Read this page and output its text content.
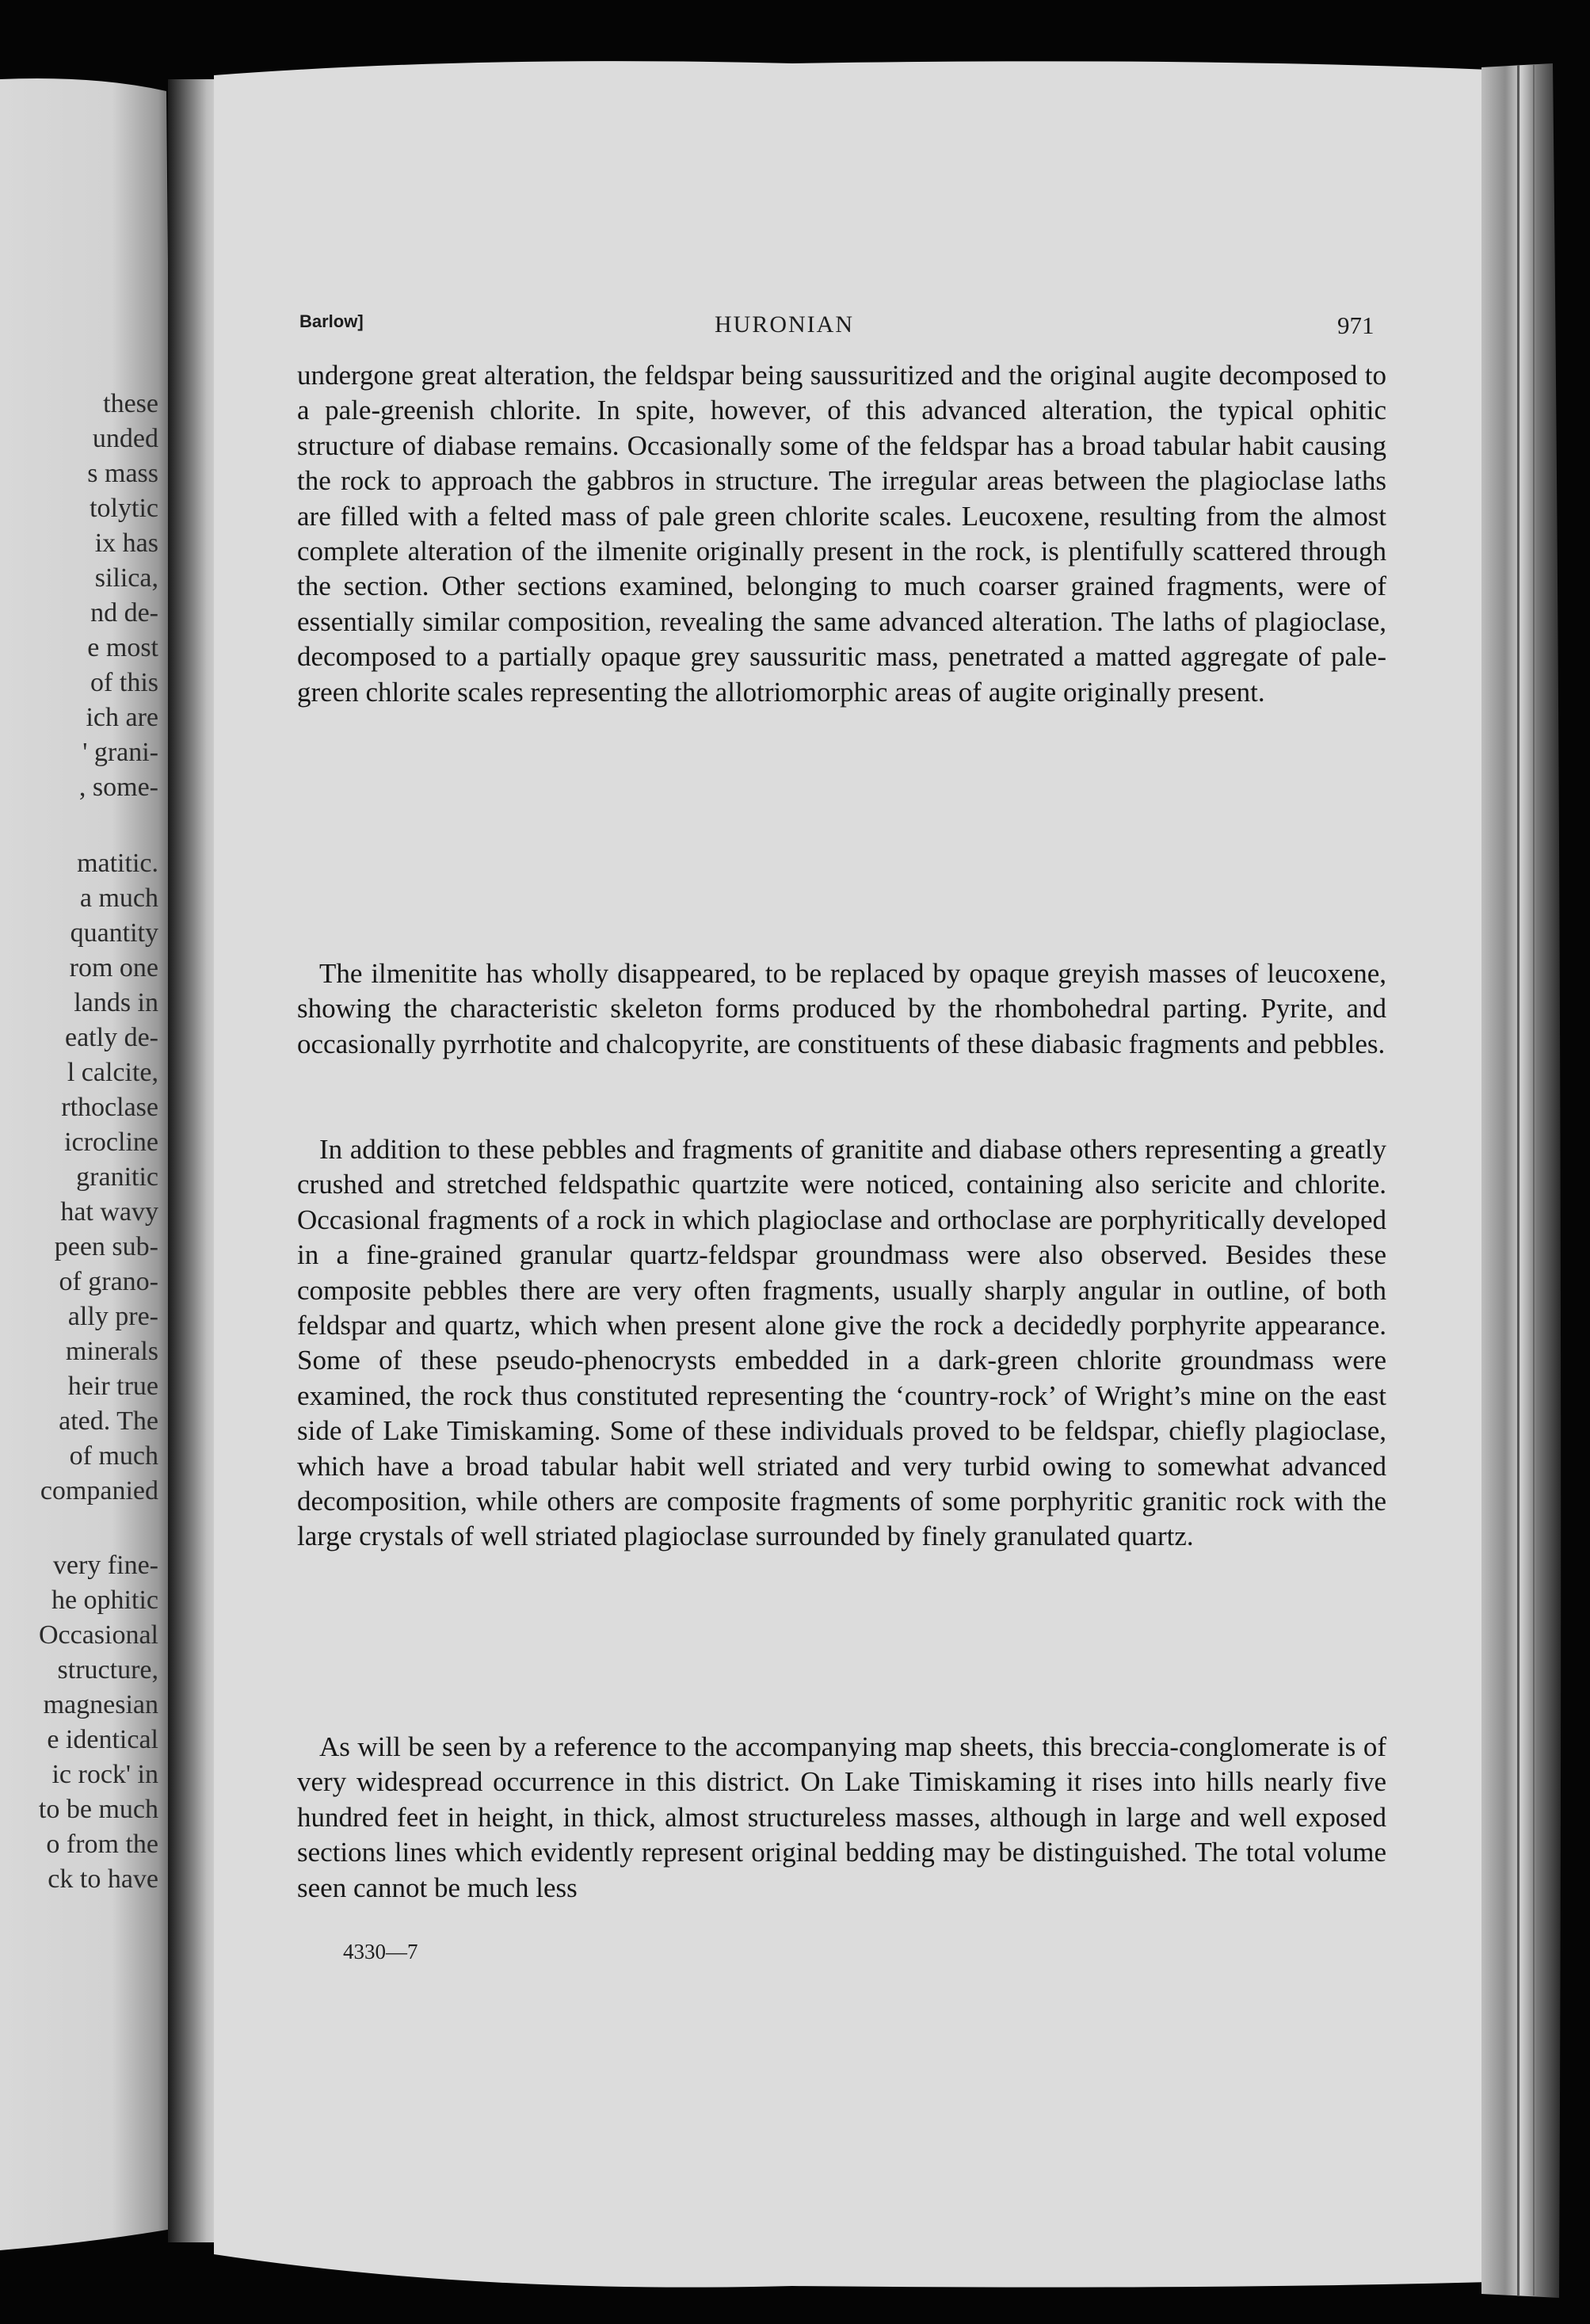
these
unded
s mass
tolytic
ix has
silica,
nd de-
e most
of this
ich are
' grani-
, some-
matitic.
a much
quantity
rom one
lands in
eatly de-
l calcite,
rthoclase
icrocline
granitic
hat wavy
peen sub-
of grano-
ally pre-
minerals
heir true
ated. The
of much
companied
very fine-
he ophitic
Occasional
structure,
magnesian
e identical
ic rock' in
to be much
o from the
ck to have
Barlow]	HURONIAN	971

undergone great alteration, the feldspar being saussuritized and the original augite decomposed to a pale-greenish chlorite. In spite, however, of this advanced alteration, the typical ophitic structure of diabase remains. Occasionally some of the feldspar has a broad tabular habit causing the rock to approach the gabbros in structure. The irregular areas between the plagioclase laths are filled with a felted mass of pale green chlorite scales. Leucoxene, resulting from the almost complete alteration of the ilmenite originally present in the rock, is plentifully scattered through the section. Other sections examined, belonging to much coarser grained fragments, were of essentially similar composition, revealing the same advanced alteration. The laths of plagioclase, decomposed to a partially opaque grey saussuritic mass, penetrated a matted aggregate of pale-green chlorite scales representing the allotriomorphic areas of augite originally present.

The ilmenitite has wholly disappeared, to be replaced by opaque greyish masses of leucoxene, showing the characteristic skeleton forms produced by the rhombohedral parting. Pyrite, and occasionally pyrrhotite and chalcopyrite, are constituents of these diabasic fragments and pebbles.

In addition to these pebbles and fragments of granitite and diabase others representing a greatly crushed and stretched feldspathic quartzite were noticed, containing also sericite and chlorite. Occasional fragments of a rock in which plagioclase and orthoclase are porphyritically developed in a fine-grained granular quartz-feldspar groundmass were also observed. Besides these composite pebbles there are very often fragments, usually sharply angular in outline, of both feldspar and quartz, which when present alone give the rock a decidedly porphyrite appearance. Some of these pseudo-phenocrysts embedded in a dark-green chlorite groundmass were examined, the rock thus constituted representing the ‘country-rock’ of Wright’s mine on the east side of Lake Timiskaming. Some of these individuals proved to be feldspar, chiefly plagioclase, which have a broad tabular habit well striated and very turbid owing to somewhat advanced decomposition, while others are composite fragments of some porphyritic granitic rock with the large crystals of well striated plagioclase surrounded by finely granulated quartz.

As will be seen by a reference to the accompanying map sheets, this breccia-conglomerate is of very widespread occurrence in this district. On Lake Timiskaming it rises into hills nearly five hundred feet in height, in thick, almost structureless masses, although in large and well exposed sections lines which evidently represent original bedding may be distinguished. The total volume seen cannot be much less

4330—7
